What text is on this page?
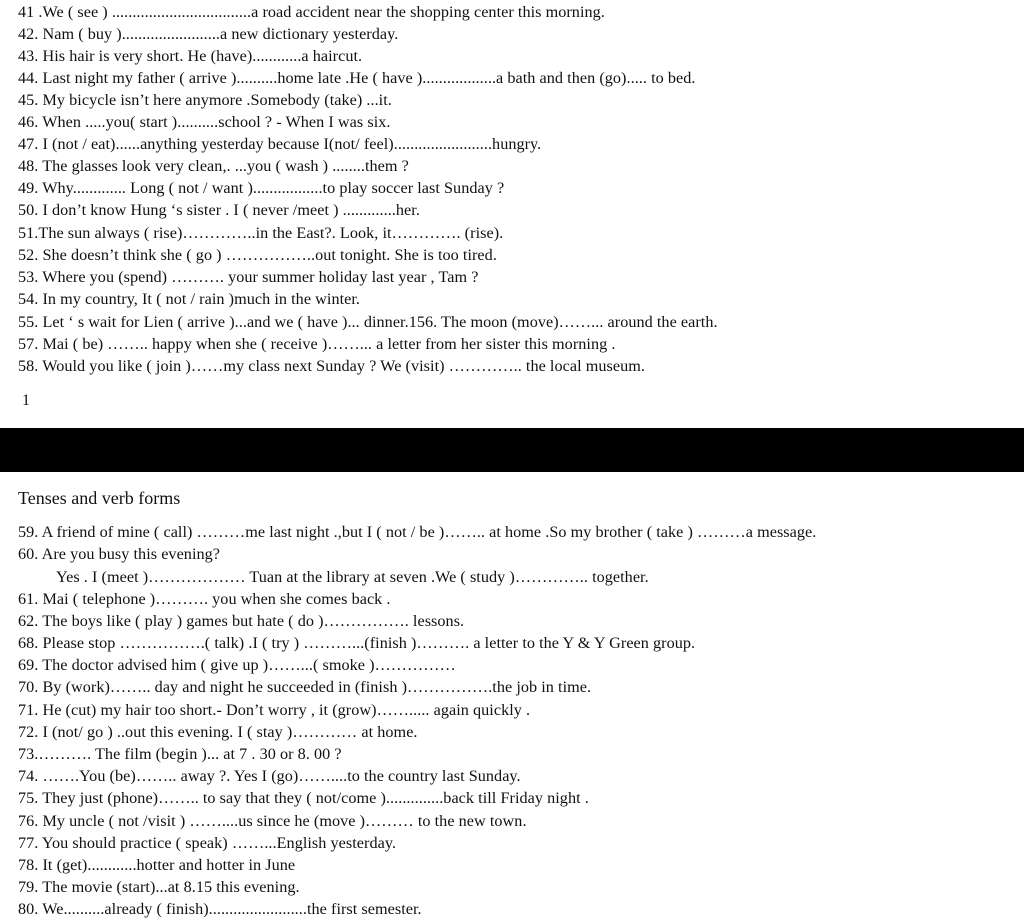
41 .We ( see ) ..................................a road accident near the shopping center this morning.
42. Nam ( buy )........................a new dictionary yesterday.
43. His hair is very short. He (have)............a haircut.
44. Last night my father ( arrive )..........home late .He ( have )..................a bath and then (go)..... to bed.
45. My bicycle isn’t here anymore .Somebody (take) ...it.
46. When .....you( start )..........school ? - When I was six.
47. I (not / eat)......anything yesterday because I(not/ feel)........................hungry.
48. The glasses look very clean,. ...you ( wash ) ........them ?
49. Why............. Long ( not / want ).................to play soccer last Sunday ?
50. I don’t know Hung ‘s sister . I ( never /meet ) .............her.
51.The sun always ( rise)…………..in the East?. Look, it…………. (rise).
52. She doesn’t think she ( go ) ……………..out tonight. She is too tired.
53. Where you (spend) ………. your summer holiday last year , Tam ?
54. In my country, It ( not / rain )much in the winter.
55. Let ‘ s wait for Lien ( arrive )...and we ( have )... dinner.156. The moon (move)……... around the earth.
57. Mai ( be) …….. happy when she ( receive )……... a letter from her sister this morning .
58. Would you like ( join )……my class next Sunday ? We (visit) ………….. the local museum.
1
Tenses and verb forms
59. A friend of mine ( call) ………me last night .,but I ( not / be )…….. at home .So my brother ( take ) ………a message.
60. Are you busy this evening?
Yes . I (meet )……………… Tuan at the library at seven .We ( study )………….. together.
61. Mai ( telephone )………. you when she comes back .
62. The boys like ( play ) games but hate ( do )……………. lessons.
68. Please stop …………….( talk) .I ( try ) ………...(finish )………. a letter to the Y & Y Green group.
69. The doctor advised him ( give up )……...( smoke )……………
70. By (work)…….. day and night he succeeded in (finish )…………….the job in time.
71. He (cut) my hair too short.- Don’t worry , it (grow)……..... again quickly .
72. I (not/ go ) ..out this evening. I ( stay )………… at home.
73.………. The film (begin )... at 7 . 30 or 8. 00 ?
74. …….You (be)…….. away ?. Yes I (go)……....to the country last Sunday.
75. They just (phone)…….. to say that they ( not/come )..............back till Friday night .
76. My uncle ( not /visit ) ……....us since he (move )……… to the new town.
77. You should practice ( speak) ……...English yesterday.
78. It (get)............hotter and hotter in June
79. The movie (start)...at 8.15 this evening.
80. We..........already ( finish)........................the first semester.
